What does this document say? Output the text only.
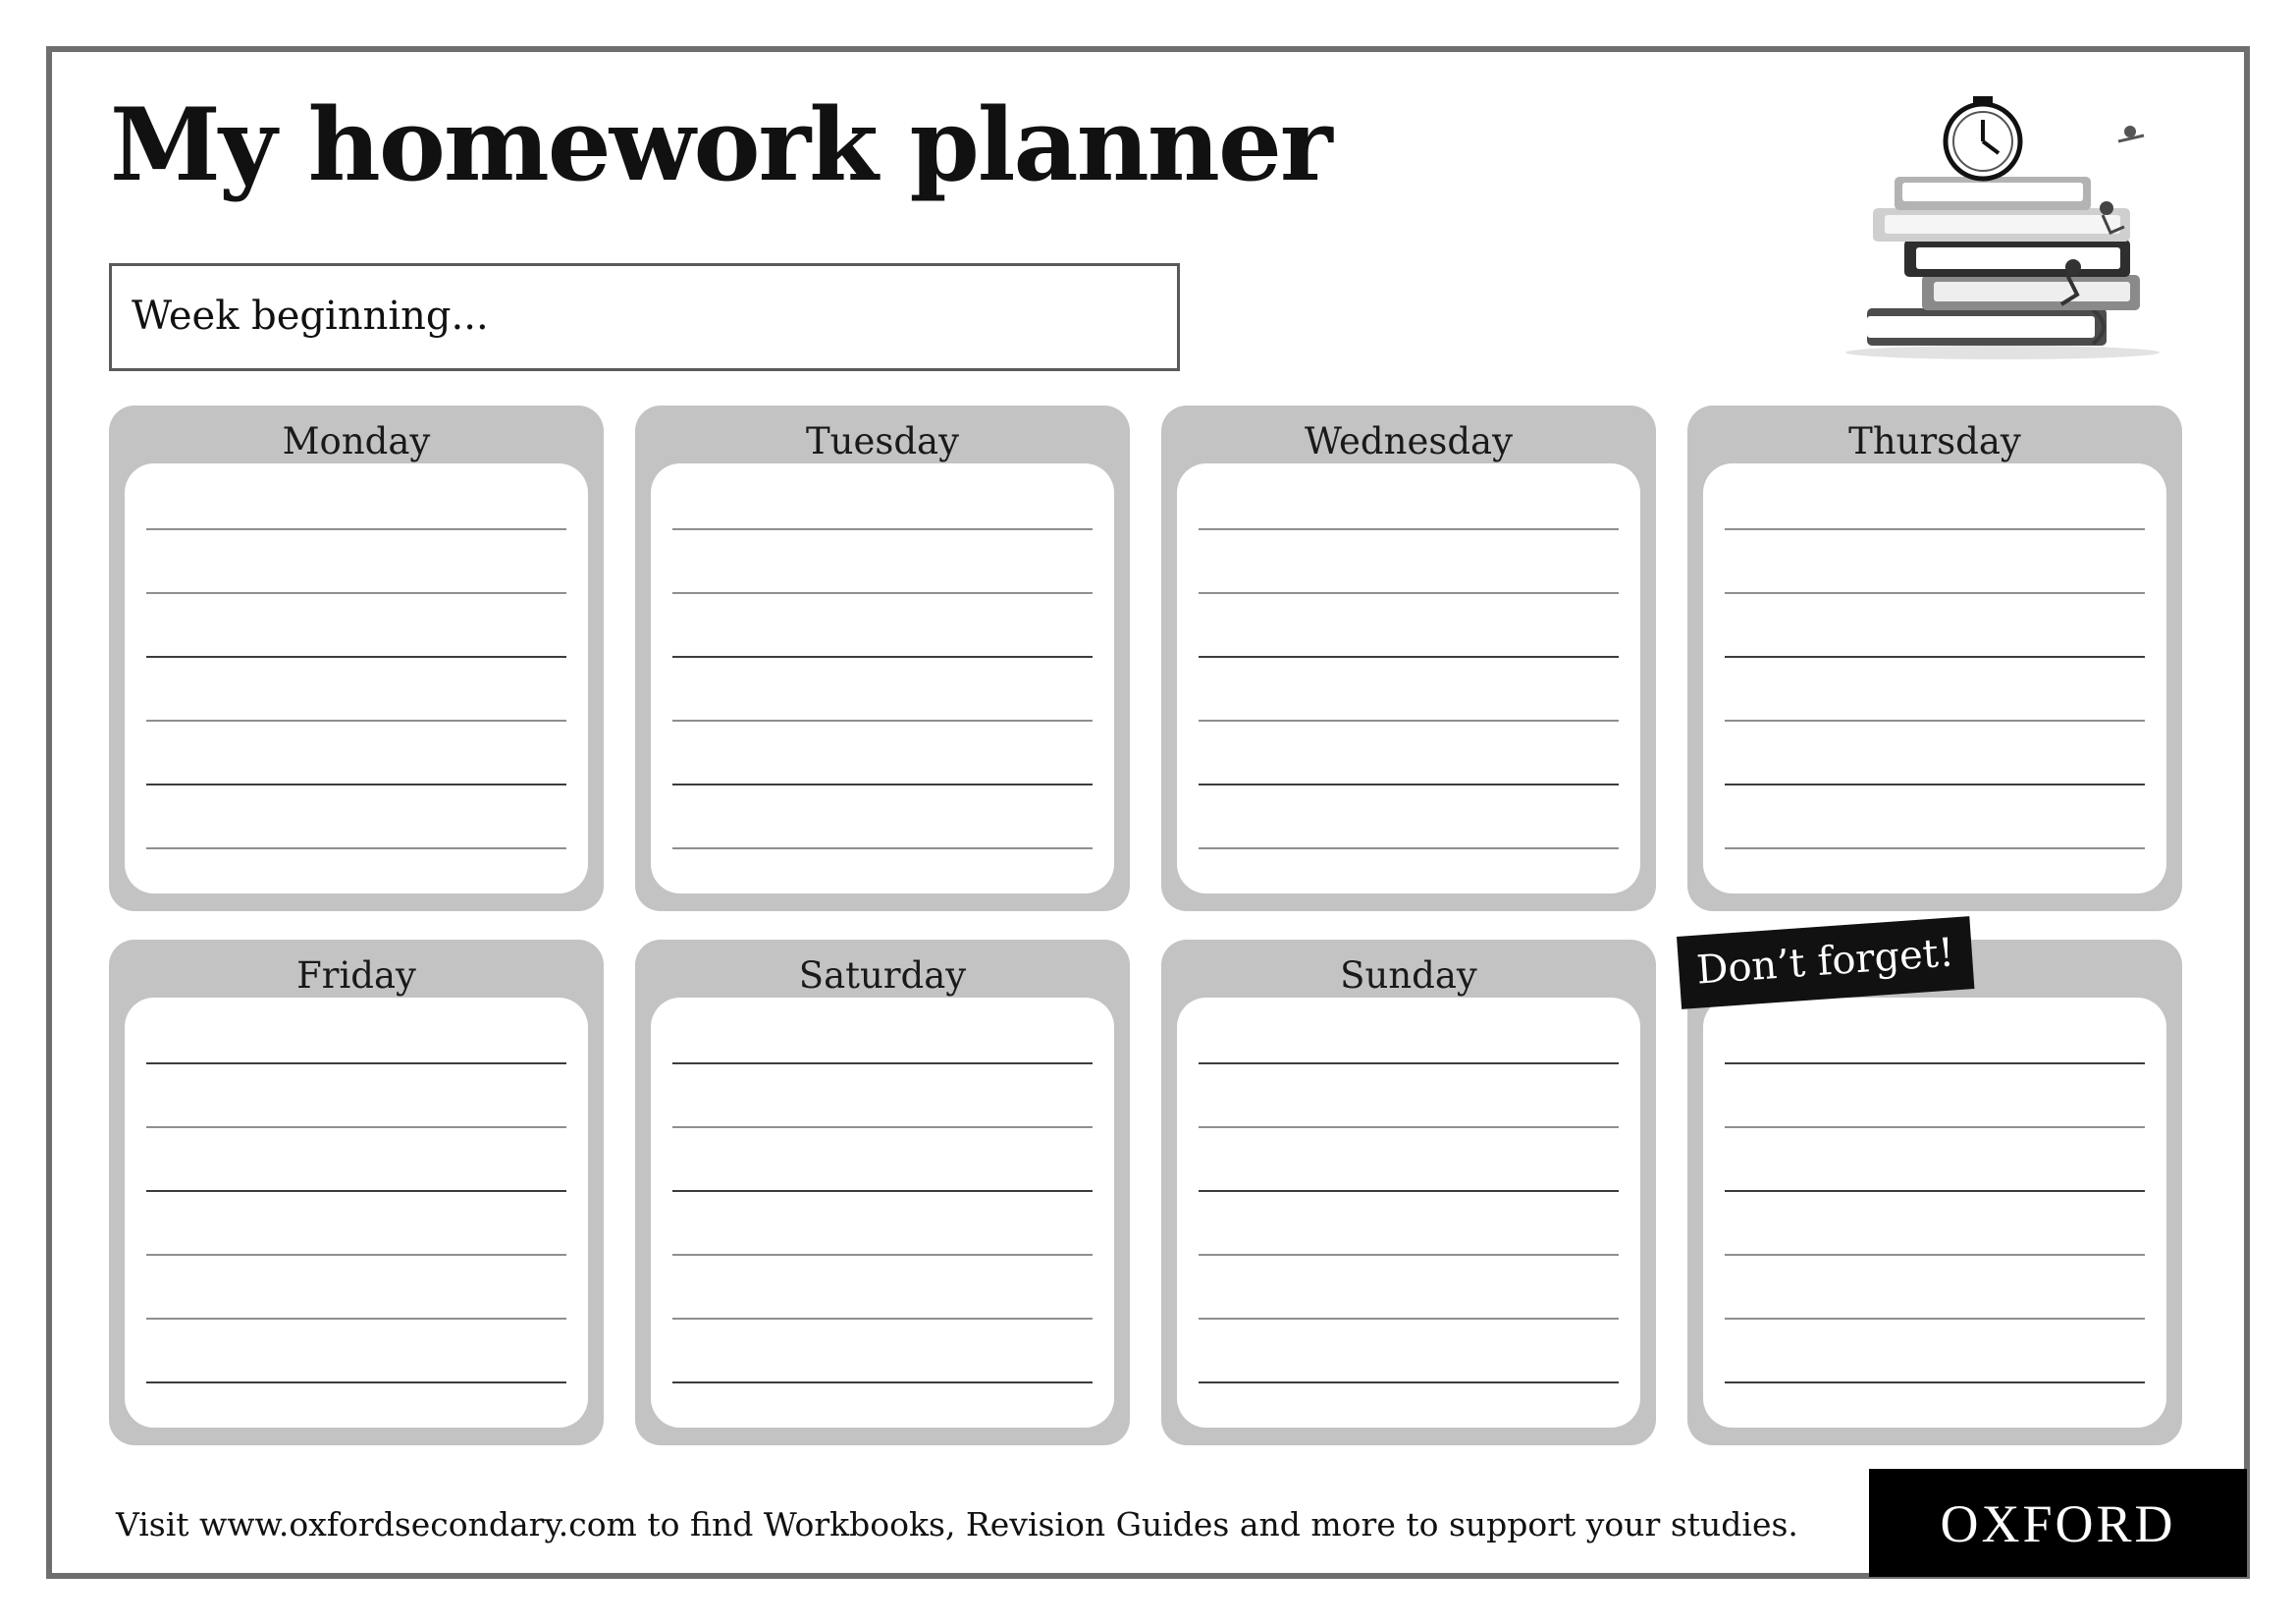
My homework planner
Week beginning...
Monday	Tuesday	Wednesday	Thursday
Friday	Saturday	Sunday	Don’t forget!
Visit www.oxfordsecondary.com to find Workbooks, Revision Guides and more to support your studies.	OXFORD
